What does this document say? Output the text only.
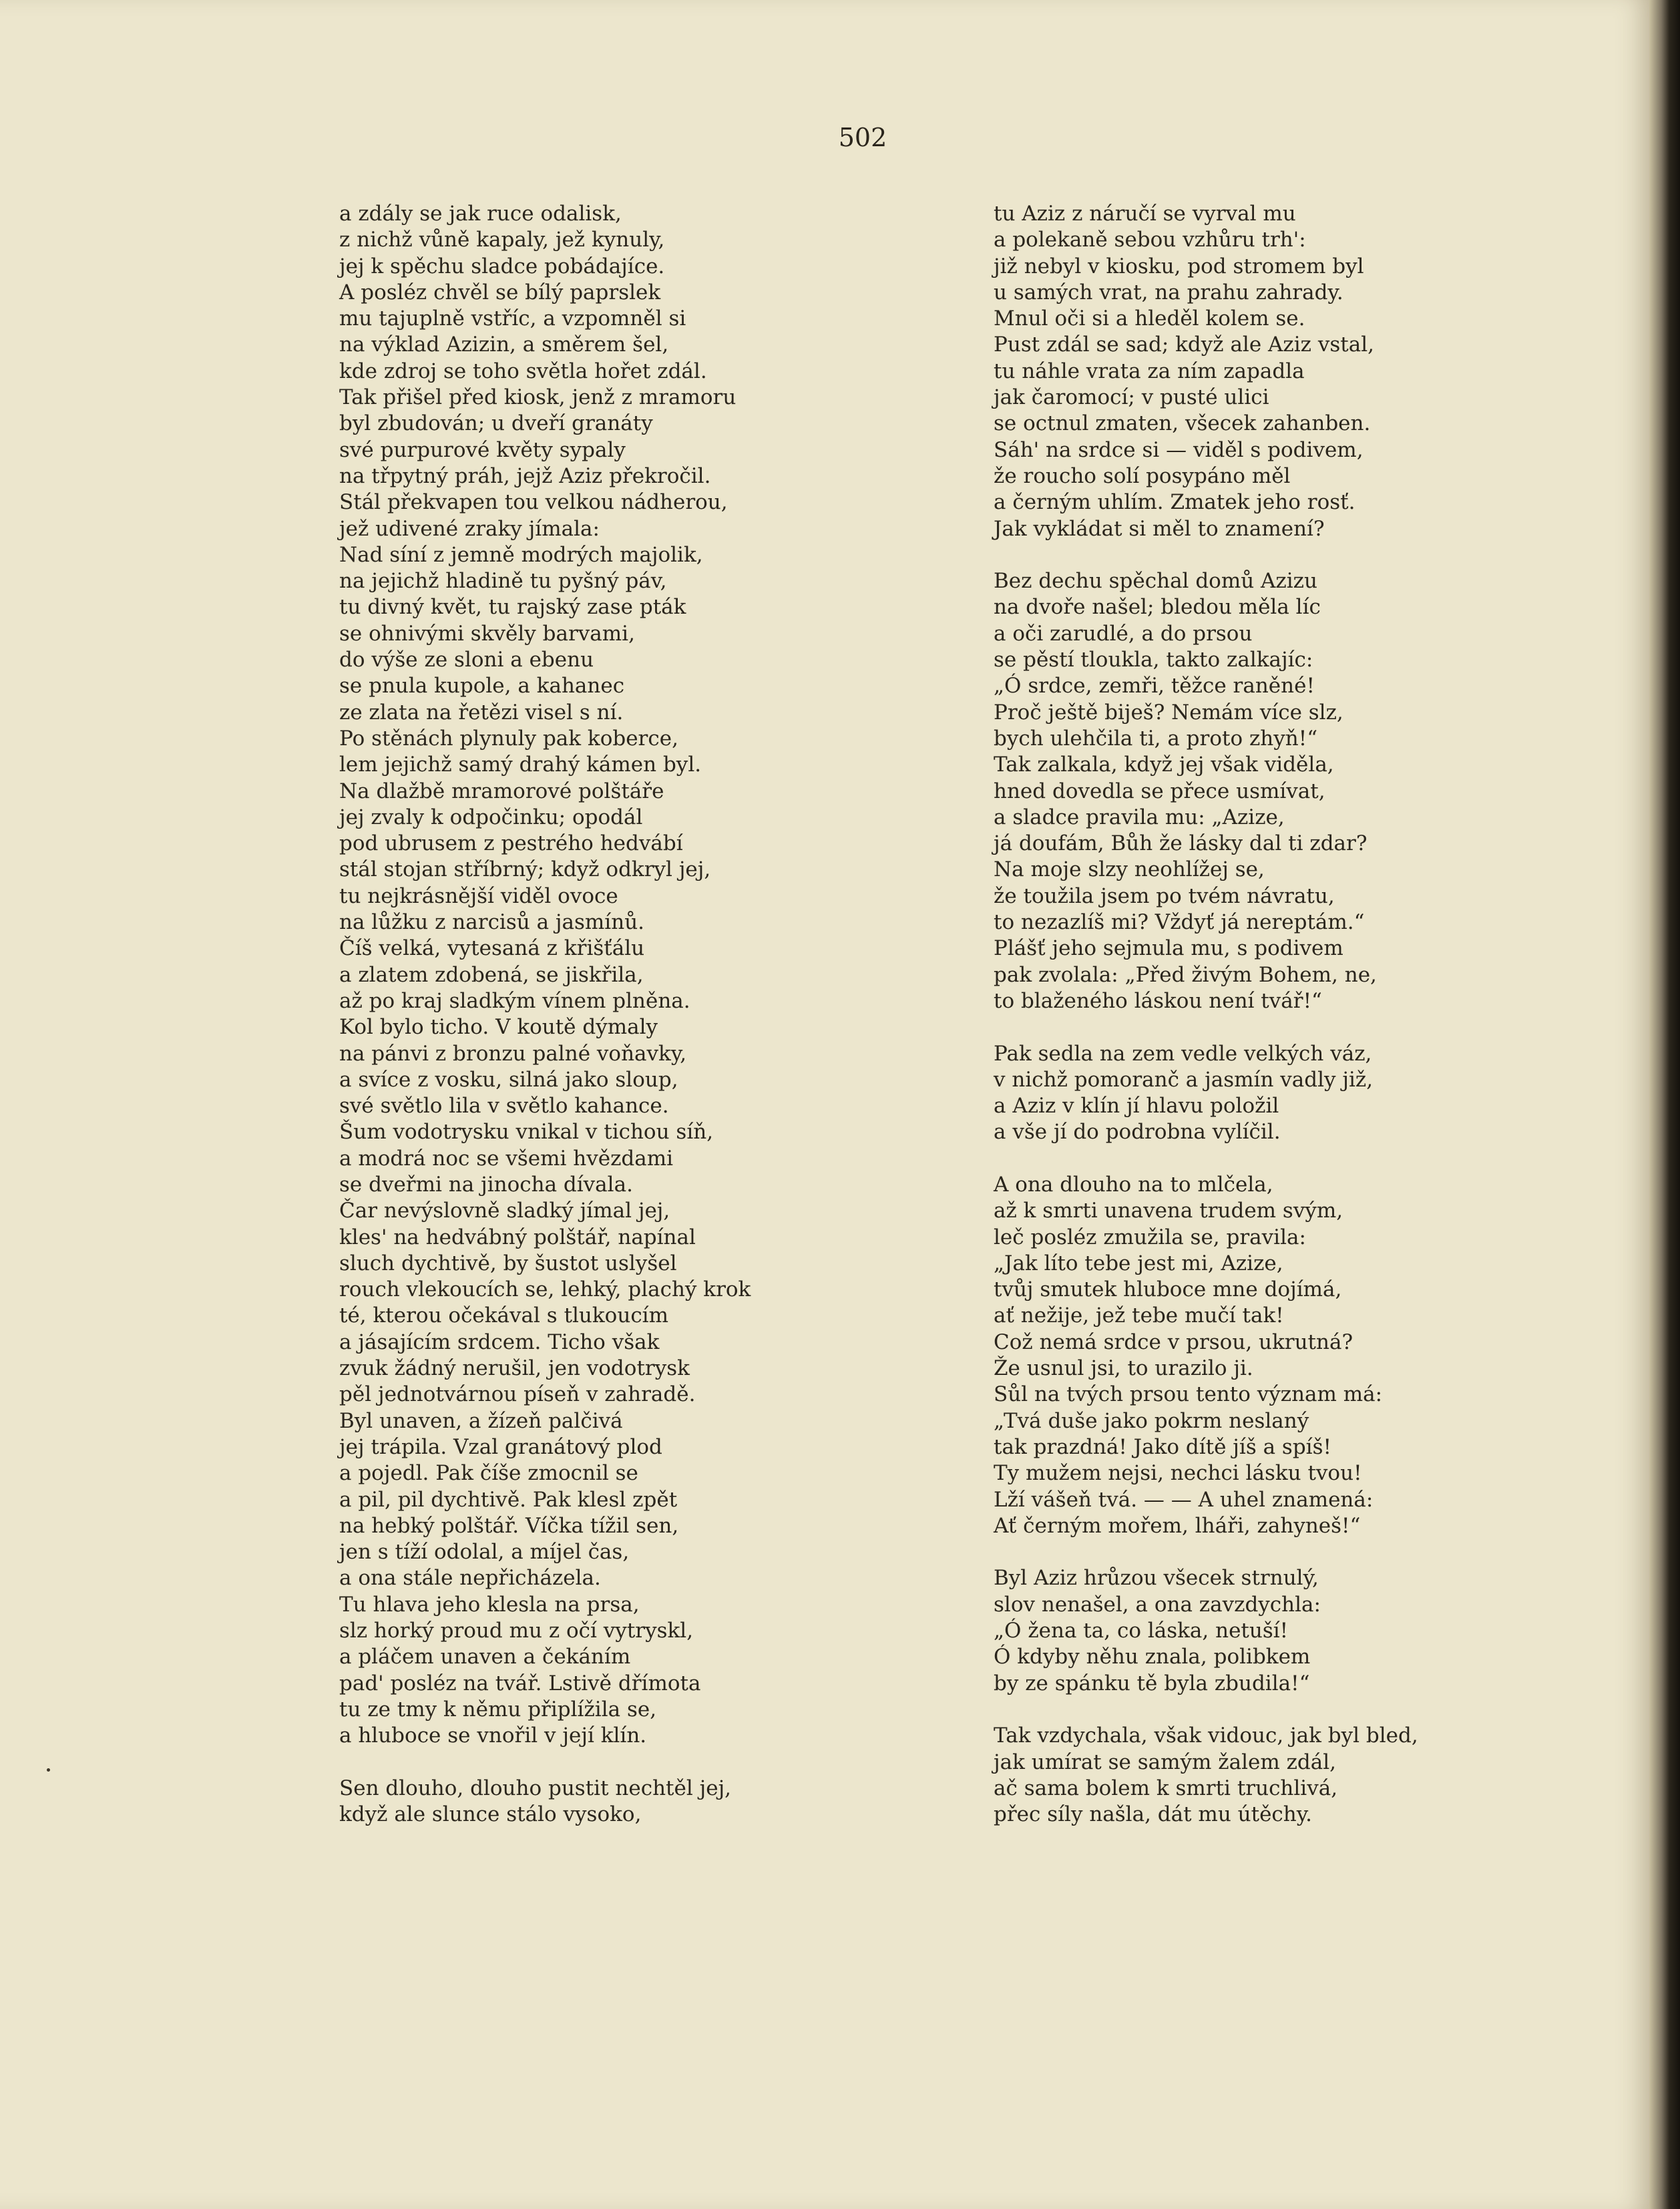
502
a zdály se jak ruce odalisk,
z nichž vůně kapaly, jež kynuly,
jej k spěchu sladce pobádajíce.
A posléz chvěl se bílý paprslek
mu tajuplně vstříc, a vzpomněl si
na výklad Azizin, a směrem šel,
kde zdroj se toho světla hořet zdál.
Tak přišel před kiosk, jenž z mramoru
byl zbudován; u dveří granáty
své purpurové květy sypaly
na třpytný práh, jejž Aziz překročil.
Stál překvapen tou velkou nádherou,
jež udivené zraky jímala:
Nad síní z jemně modrých majolik,
na jejichž hladině tu pyšný páv,
tu divný květ, tu rajský zase pták
se ohnivými skvěly barvami,
do výše ze sloni a ebenu
se pnula kupole, a kahanec
ze zlata na řetězi visel s ní.
Po stěnách plynuly pak koberce,
lem jejichž samý drahý kámen byl.
Na dlažbě mramorové polštáře
jej zvaly k odpočinku; opodál
pod ubrusem z pestrého hedvábí
stál stojan stříbrný; když odkryl jej,
tu nejkrásnější viděl ovoce
na lůžku z narcisů a jasmínů.
Číš velká, vytesaná z křišťálu
a zlatem zdobená, se jiskřila,
až po kraj sladkým vínem plněna.
Kol bylo ticho. V koutě dýmaly
na pánvi z bronzu palné voňavky,
a svíce z vosku, silná jako sloup,
své světlo lila v světlo kahance.
Šum vodotrysku vnikal v tichou síň,
a modrá noc se všemi hvězdami
se dveřmi na jinocha dívala.
Čar nevýslovně sladký jímal jej,
kles' na hedvábný polštář, napínal
sluch dychtivě, by šustot uslyšel
rouch vlekoucích se, lehký, plachý krok
té, kterou očekával s tlukoucím
a jásajícím srdcem. Ticho však
zvuk žádný nerušil, jen vodotrysk
pěl jednotvárnou píseň v zahradě.
Byl unaven, a žízeň palčivá
jej trápila. Vzal granátový plod
a pojedl. Pak číše zmocnil se
a pil, pil dychtivě. Pak klesl zpět
na hebký polštář. Víčka tížil sen,
jen s tíží odolal, a míjel čas,
a ona stále nepřicházela.
Tu hlava jeho klesla na prsa,
slz horký proud mu z očí vytryskl,
a pláčem unaven a čekáním
pad' posléz na tvář. Lstivě dřímota
tu ze tmy k němu připlížila se,
a hluboce se vnořil v její klín.
Sen dlouho, dlouho pustit nechtěl jej,
když ale slunce stálo vysoko,
tu Aziz z náručí se vyrval mu
a polekaně sebou vzhůru trh':
již nebyl v kiosku, pod stromem byl
u samých vrat, na prahu zahrady.
Mnul oči si a hleděl kolem se.
Pust zdál se sad; když ale Aziz vstal,
tu náhle vrata za ním zapadla
jak čaromocí; v pusté ulici
se octnul zmaten, všecek zahanben.
Sáh' na srdce si — viděl s podivem,
že roucho solí posypáno měl
a černým uhlím. Zmatek jeho rosť.
Jak vykládat si měl to znamení?
Bez dechu spěchal domů Azizu
na dvoře našel; bledou měla líc
a oči zarudlé, a do prsou
se pěstí tloukla, takto zalkajíc:
„Ó srdce, zemři, těžce raněné!
Proč ještě biješ? Nemám více slz,
bych ulehčila ti, a proto zhyň!“
Tak zalkala, když jej však viděla,
hned dovedla se přece usmívat,
a sladce pravila mu: „Azize,
já doufám, Bůh že lásky dal ti zdar?
Na moje slzy neohlížej se,
že toužila jsem po tvém návratu,
to nezazlíš mi? Vždyť já nereptám.“
Plášť jeho sejmula mu, s podivem
pak zvolala: „Před živým Bohem, ne,
to blaženého láskou není tvář!“
Pak sedla na zem vedle velkých váz,
v nichž pomoranč a jasmín vadly již,
a Aziz v klín jí hlavu položil
a vše jí do podrobna vylíčil.
A ona dlouho na to mlčela,
až k smrti unavena trudem svým,
leč posléz zmužila se, pravila:
„Jak líto tebe jest mi, Azize,
tvůj smutek hluboce mne dojímá,
ať nežije, jež tebe mučí tak!
Což nemá srdce v prsou, ukrutná?
Že usnul jsi, to urazilo ji.
Sůl na tvých prsou tento význam má:
„Tvá duše jako pokrm neslaný
tak prazdná! Jako dítě jíš a spíš!
Ty mužem nejsi, nechci lásku tvou!
Lží vášeň tvá. — — A uhel znamená:
Ať černým mořem, lháři, zahyneš!“
Byl Aziz hrůzou všecek strnulý,
slov nenašel, a ona zavzdychla:
„Ó žena ta, co láska, netuší!
Ó kdyby něhu znala, polibkem
by ze spánku tě byla zbudila!“
Tak vzdychala, však vidouc, jak byl bled,
jak umírat se samým žalem zdál,
ač sama bolem k smrti truchlivá,
přec síly našla, dát mu útěchy.
